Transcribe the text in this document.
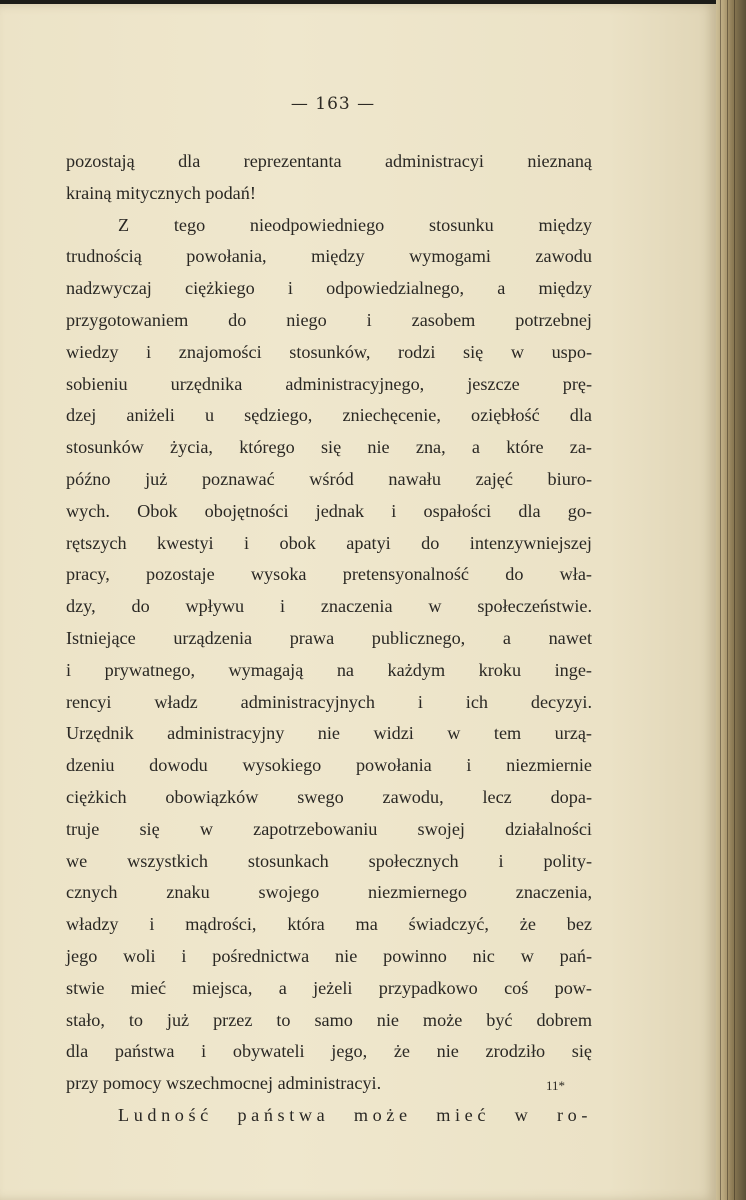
— 163 —
pozostają dla reprezentanta administracyi nieznaną
krainą mitycznych podań!
Z tego nieodpowiedniego stosunku między
trudnością powołania, między wymogami zawodu
nadzwyczaj ciężkiego i odpowiedzialnego, a między
przygotowaniem do niego i zasobem potrzebnej
wiedzy i znajomości stosunków, rodzi się w uspo-
sobieniu urzędnika administracyjnego, jeszcze prę-
dzej aniżeli u sędziego, zniechęcenie, oziębłość dla
stosunków życia, którego się nie zna, a które za-
późno już poznawać wśród nawału zajęć biuro-
wych. Obok obojętności jednak i ospałości dla go-
rętszych kwestyi i obok apatyi do intenzywniejszej
pracy, pozostaje wysoka pretensyonalność do wła-
dzy, do wpływu i znaczenia w społeczeństwie.
Istniejące urządzenia prawa publicznego, a nawet
i prywatnego, wymagają na każdym kroku inge-
rencyi władz administracyjnych i ich decyzyi.
Urzędnik administracyjny nie widzi w tem urzą-
dzeniu dowodu wysokiego powołania i niezmiernie
ciężkich obowiązków swego zawodu, lecz dopa-
truje się w zapotrzebowaniu swojej działalności
we wszystkich stosunkach społecznych i polity-
cznych znaku swojego niezmiernego znaczenia,
władzy i mądrości, która ma świadczyć, że bez
jego woli i pośrednictwa nie powinno nic w pań-
stwie mieć miejsca, a jeżeli przypadkowo coś pow-
stało, to już przez to samo nie może być dobrem
dla państwa i obywateli jego, że nie zrodziło się
przy pomocy wszechmocnej administracyi.
Ludność państwa może mieć w ro-
11*
